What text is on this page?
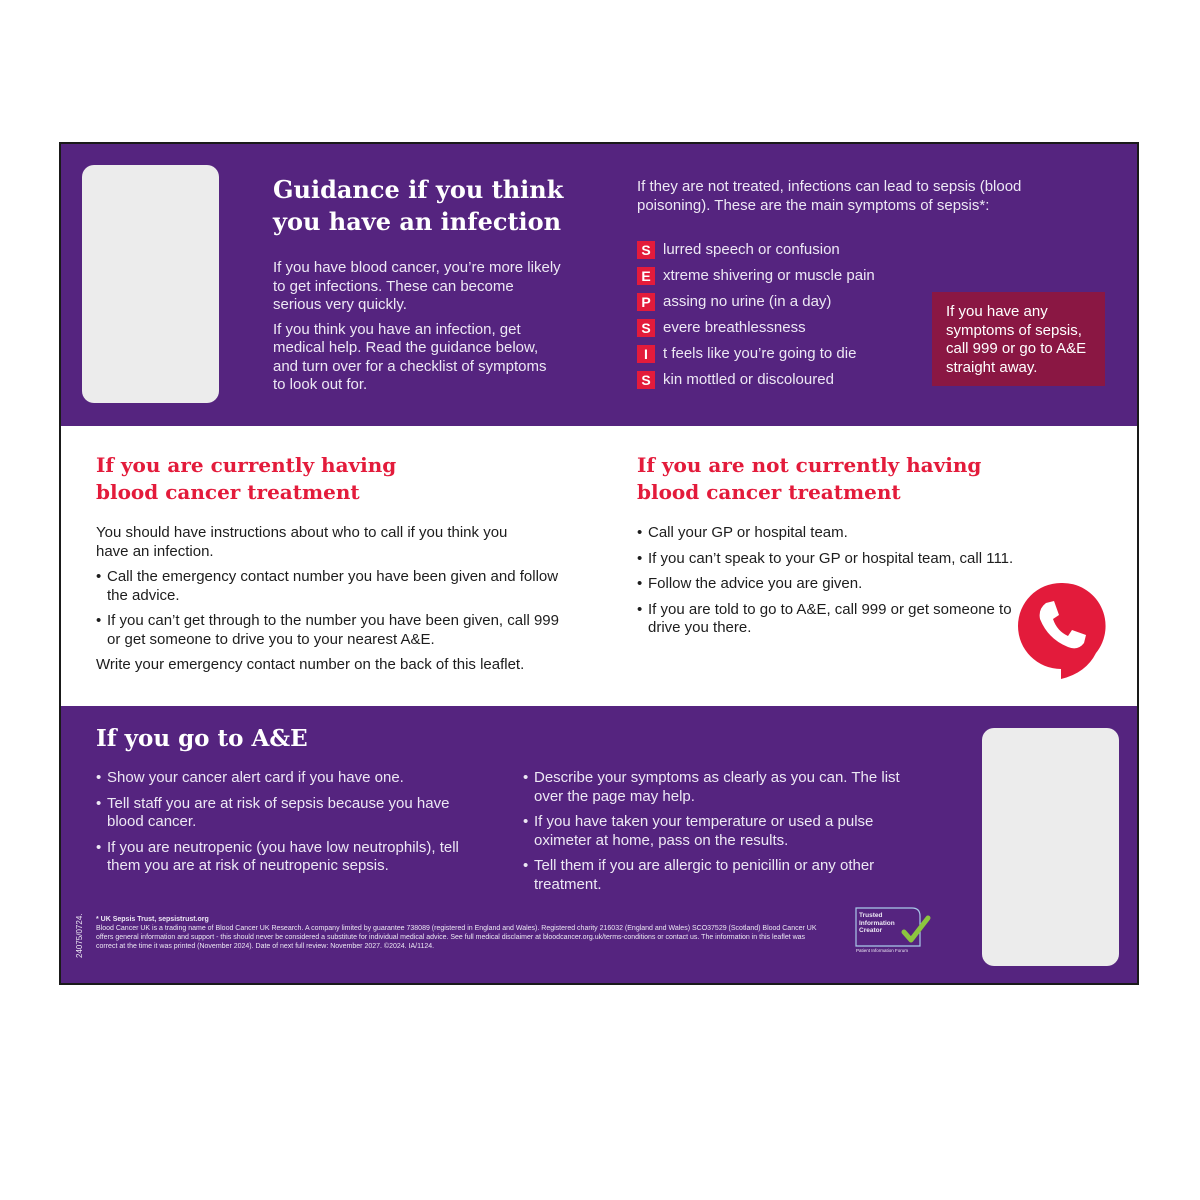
Guidance if you think
you have an infection

If you have blood cancer, you’re more likely to get infections. These can become serious very quickly.

If you think you have an infection, get medical help. Read the guidance below, and turn over for a checklist of symptoms to look out for.

If they are not treated, infections can lead to sepsis (blood poisoning). These are the main symptoms of sepsis*:

S lurred speech or confusion
E xtreme shivering or muscle pain
P assing no urine (in a day)
S evere breathlessness
I	t feels like you’re going to die
S kin mottled or discoloured
If you have any symptoms of sepsis, call 999 or go to A&E straight away.
If you are currently having
blood cancer treatment

You should have instructions about who to call if you think you have an infection.

• Call the emergency contact number you have been given and follow the advice.
• If you can’t get through to the number you have been given, call 999 or get someone to drive you to your nearest A&E.

Write your emergency contact number on the back of this leaflet.

If you are not currently having
blood cancer treatment
• Call your GP or hospital team.
• If you can’t speak to your GP or hospital team, call 111.
• Follow the advice you are given.
• If you are told to go to A&E, call 999 or get someone to drive you there.
If you go to A&E
• Show your cancer alert card if you have one.
• Tell staff you are at risk of sepsis because you have blood cancer.
• If you are neutropenic (you have low neutrophils), tell them you are at risk of neutropenic sepsis.
• Describe your symptoms as clearly as you can. The list over the page may help.
• If you have taken your temperature or used a pulse oximeter at home, pass on the results.
• Tell them if you are allergic to penicillin or any other treatment.

* UK Sepsis Trust, sepsistrust.org

Blood Cancer UK is a trading name of Blood Cancer UK Research. A company limited by guarantee 738089 (registered in England and Wales). Registered charity 216032 (England and Wales) SCO37529 (Scotland) Blood Cancer UK offers general information and support - this should never be considered a substitute for individual medical advice. See full medical disclaimer at bloodcancer.org.uk/terms-conditions or contact us. The information in this leaflet was correct at the time it was printed (November 2024). Date of next full review: November 2027. ©2024. IA/1124.

24075/0724.	Trusted
Information
Creator
Patient Information Forum
